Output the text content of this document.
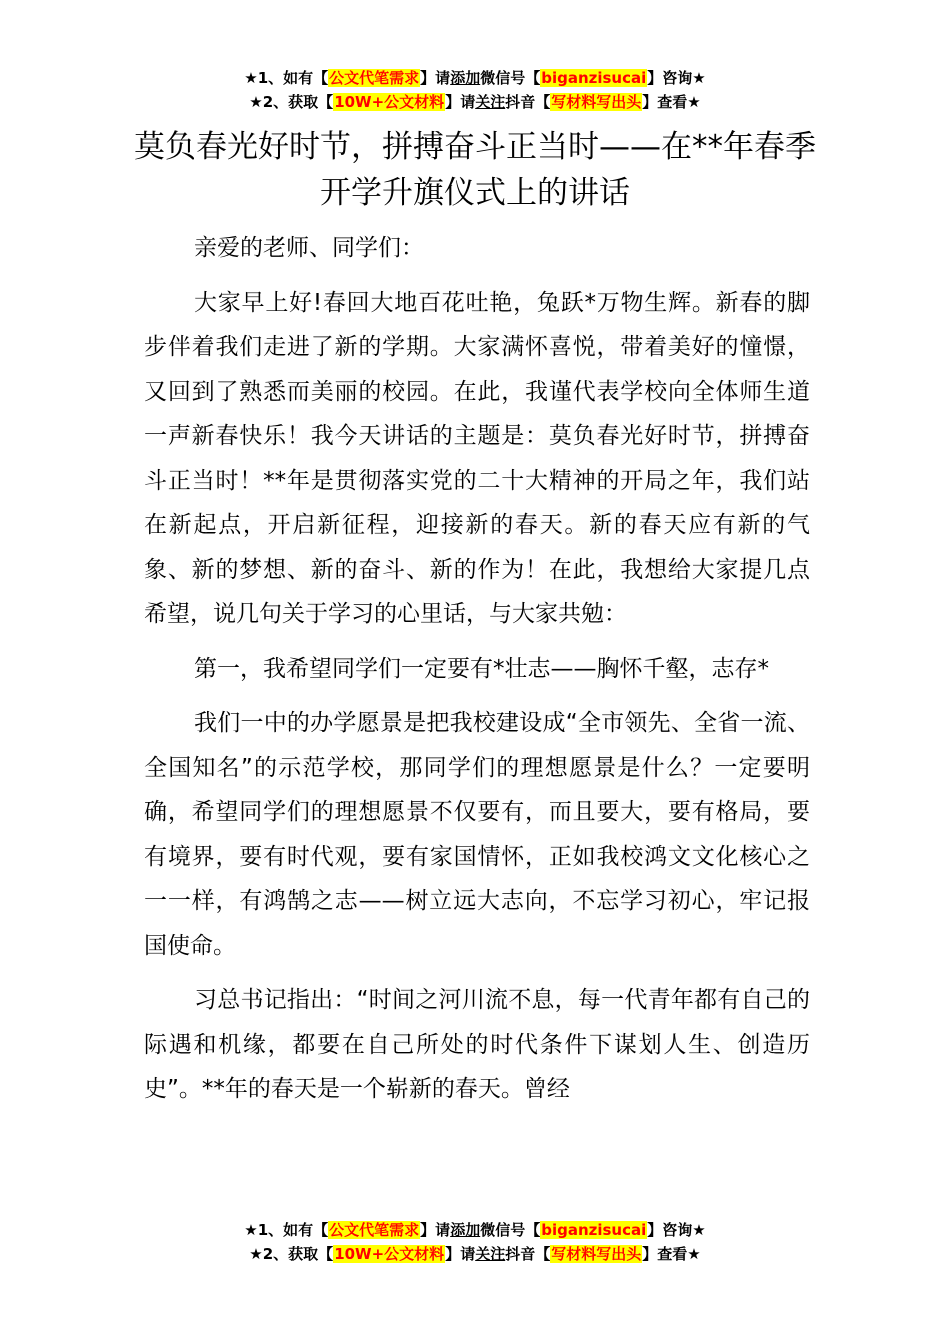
★1、如有【公文代笔需求】请添加微信号【biganzisucai】咨询★
★2、获取【10W+公文材料】请关注抖音【写材料写出头】查看★
莫负春光好时节，拼搏奋斗正当时——在**年春季开学升旗仪式上的讲话

亲爱的老师、同学们：

大家早上好!春回大地百花吐艳，兔跃*万物生辉。新春的脚步伴着我们走进了新的学期。大家满怀喜悦，带着美好的憧憬，又回到了熟悉而美丽的校园。在此，我谨代表学校向全体师生道一声新春快乐！我今天讲话的主题是：莫负春光好时节，拼搏奋斗正当时！**年是贯彻落实党的二十大精神的开局之年，我们站在新起点，开启新征程，迎接新的春天。新的春天应有新的气象、新的梦想、新的奋斗、新的作为！在此，我想给大家提几点希望，说几句关于学习的心里话，与大家共勉：

第一，我希望同学们一定要有*壮志——胸怀千壑，志存*

我们一中的办学愿景是把我校建设成“全市领先、全省一流、全国知名”的示范学校，那同学们的理想愿景是什么？一定要明确，希望同学们的理想愿景不仅要有，而且要大，要有格局，要有境界，要有时代观，要有家国情怀，正如我校鸿文文化核心之一一样，有鸿鹄之志——树立远大志向，不忘学习初心，牢记报国使命。

习总书记指出：“时间之河川流不息，每一代青年都有自己的际遇和机缘，都要在自己所处的时代条件下谋划人生、创造历史”。**年的春天是一个崭新的春天。曾经

★1、如有【公文代笔需求】请添加微信号【biganzisucai】咨询★
★2、获取【10W+公文材料】请关注抖音【写材料写出头】查看★
